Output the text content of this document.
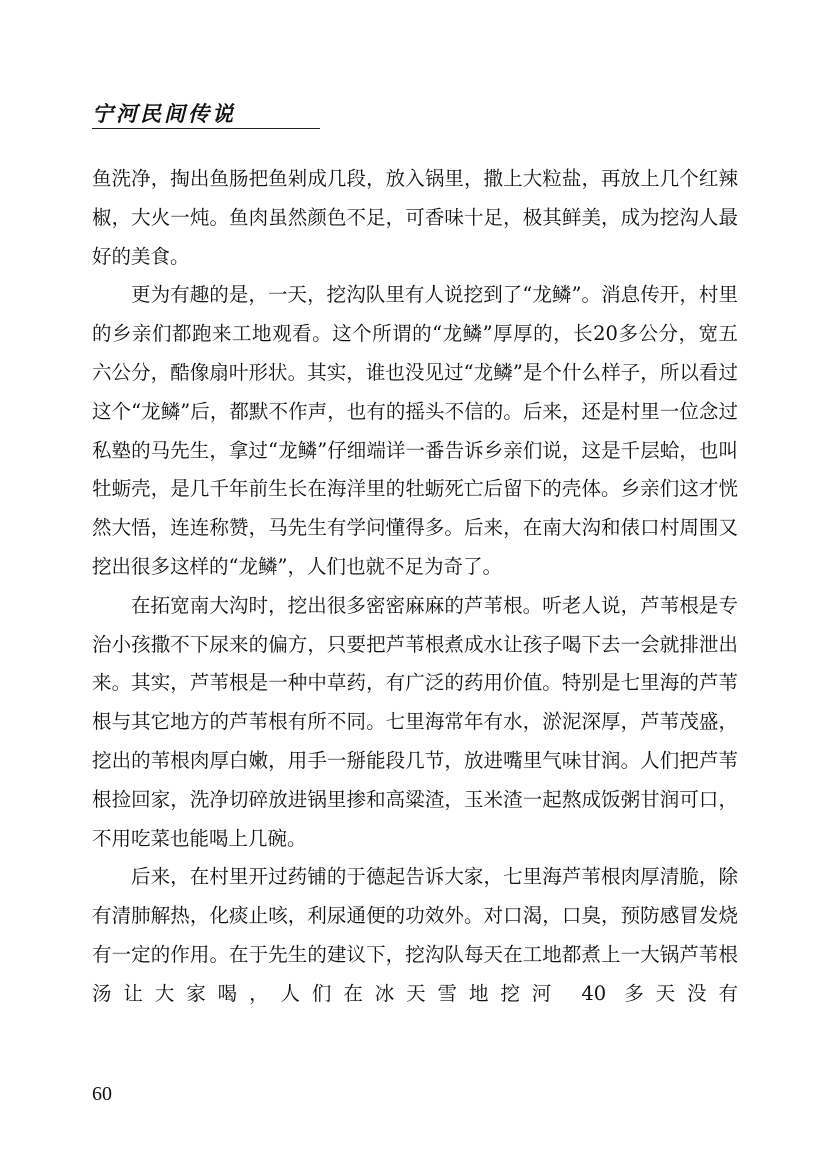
宁河民间传说

鱼洗净，掏出鱼肠把鱼剁成几段，放入锅里，撒上大粒盐，再放上几个红辣椒，大火一炖。鱼肉虽然颜色不足，可香味十足，极其鲜美，成为挖沟人最好的美食。

更为有趣的是，一天，挖沟队里有人说挖到了“龙鳞”。消息传开，村里的乡亲们都跑来工地观看。这个所谓的“龙鳞”厚厚的，长20多公分，宽五六公分，酷像扇叶形状。其实，谁也没见过“龙鳞”是个什么样子，所以看过这个“龙鳞”后，都默不作声，也有的摇头不信的。后来，还是村里一位念过私塾的马先生，拿过“龙鳞”仔细端详一番告诉乡亲们说，这是千层蛤，也叫牡蛎壳，是几千年前生长在海洋里的牡蛎死亡后留下的壳体。乡亲们这才恍然大悟，连连称赞，马先生有学问懂得多。后来，在南大沟和俵口村周围又挖出很多这样的“龙鳞”，人们也就不足为奇了。

在拓宽南大沟时，挖出很多密密麻麻的芦苇根。听老人说，芦苇根是专治小孩撒不下尿来的偏方，只要把芦苇根煮成水让孩子喝下去一会就排泄出来。其实，芦苇根是一种中草药，有广泛的药用价值。特别是七里海的芦苇根与其它地方的芦苇根有所不同。七里海常年有水，淤泥深厚，芦苇茂盛，挖出的苇根肉厚白嫩，用手一掰能段几节，放进嘴里气味甘润。人们把芦苇根捡回家，洗净切碎放进锅里掺和高粱渣，玉米渣一起熬成饭粥甘润可口，不用吃菜也能喝上几碗。

后来，在村里开过药铺的于德起告诉大家，七里海芦苇根肉厚清脆，除有清肺解热，化痰止咳，利尿通便的功效外。对口渴，口臭，预防感冒发烧有一定的作用。在于先生的建议下，挖沟队每天在工地都煮上一大锅芦苇根汤让大家喝，人们在冰天雪地挖河 40 多天没有

60
